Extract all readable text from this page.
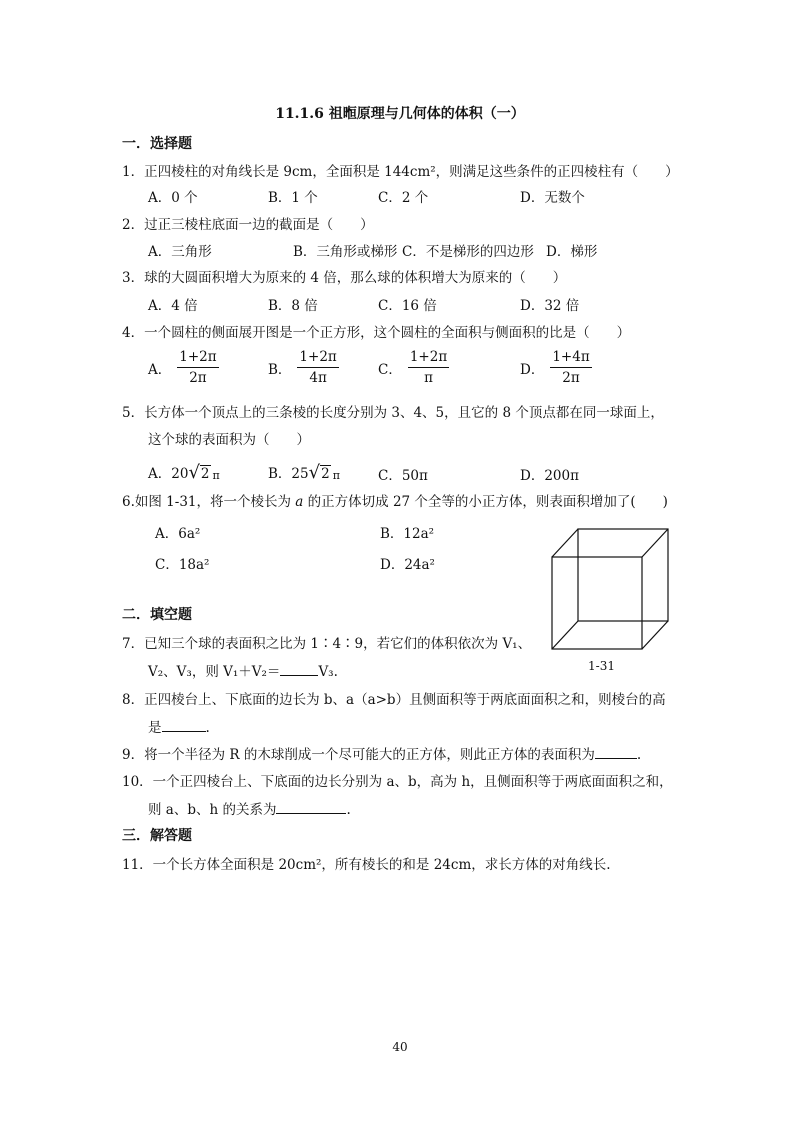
11.1.6 祖暅原理与几何体的体积（一）
一．选择题
1．正四棱柱的对角线长是 9cm，全面积是 144cm²，则满足这些条件的正四棱柱有（　　）
A．0 个	B．1 个	C．2 个	D．无数个
2．过正三棱柱底面一边的截面是（　　）
A．三角形	B．三角形或梯形 C．不是梯形的四边形 D．梯形
3．球的大圆面积增大为原来的 4 倍，那么球的体积增大为原来的（　　）
A．4 倍	B．8 倍	C．16 倍	D．32 倍
4．一个圆柱的侧面展开图是一个正方形，这个圆柱的全面积与侧面积的比是（　　）
A． $\frac{1+2\pi}{2\pi}$	B． $\frac{1+2\pi}{4\pi}$	C． $\frac{1+2\pi}{\pi}$	D． $\frac{1+4\pi}{2\pi}$
5．长方体一个顶点上的三条棱的长度分别为 3、4、5，且它的 8 个顶点都在同一球面上，
这个球的表面积为（　　）
A．20 √ 2 π	B．25 √ 2 π	C．50π	D．200π
6.如图 1-31，将一个棱长为 a 的正方体切成 27 个全等的小正方体，则表面积增加了(　　)
A．6a²	B．12a²
C．18a²	D．24a²
1-31
二．填空题
7．已知三个球的表面积之比为 1∶4∶9，若它们的体积依次为 V₁、
V₂、V₃，则 V₁＋V₂＝	V₃.
8．正四棱台上、下底面的边长为 b、a（a>b）且侧面积等于两底面面积之和，则棱台的高
是	.
9．将一个半径为 R 的木球削成一个尽可能大的正方体，则此正方体的表面积为	.
10．一个正四棱台上、下底面的边长分别为 a、b，高为 h，且侧面积等于两底面面积之和，
则 a、b、h 的关系为	.
三．解答题
11．一个长方体全面积是 20cm²，所有棱长的和是 24cm，求长方体的对角线长.
40
